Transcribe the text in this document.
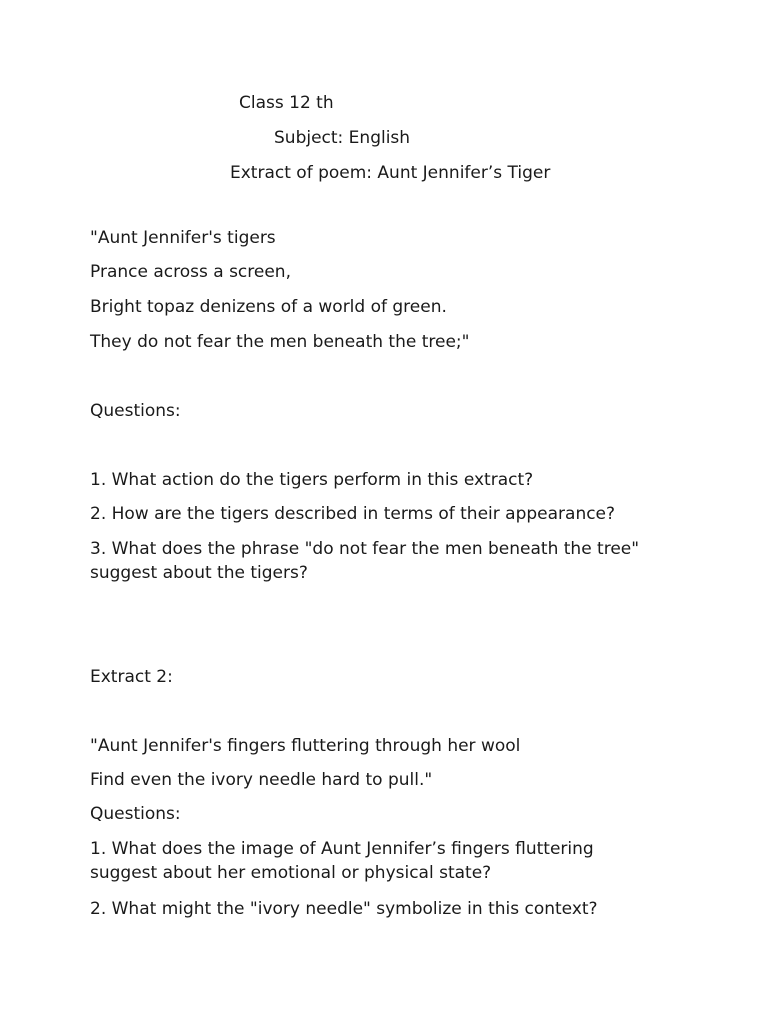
Class 12 th
Subject: English
Extract of poem: Aunt Jennifer’s Tiger
"Aunt Jennifer's tigers
Prance across a screen,
Bright topaz denizens of a world of green.
They do not fear the men beneath the tree;"
Questions:
1. What action do the tigers perform in this extract?
2. How are the tigers described in terms of their appearance?
3. What does the phrase "do not fear the men beneath the tree" suggest about the tigers?
Extract 2:
"Aunt Jennifer's fingers fluttering through her wool
Find even the ivory needle hard to pull."
Questions:
1. What does the image of Aunt Jennifer’s fingers fluttering suggest about her emotional or physical state?
2. What might the "ivory needle" symbolize in this context?
